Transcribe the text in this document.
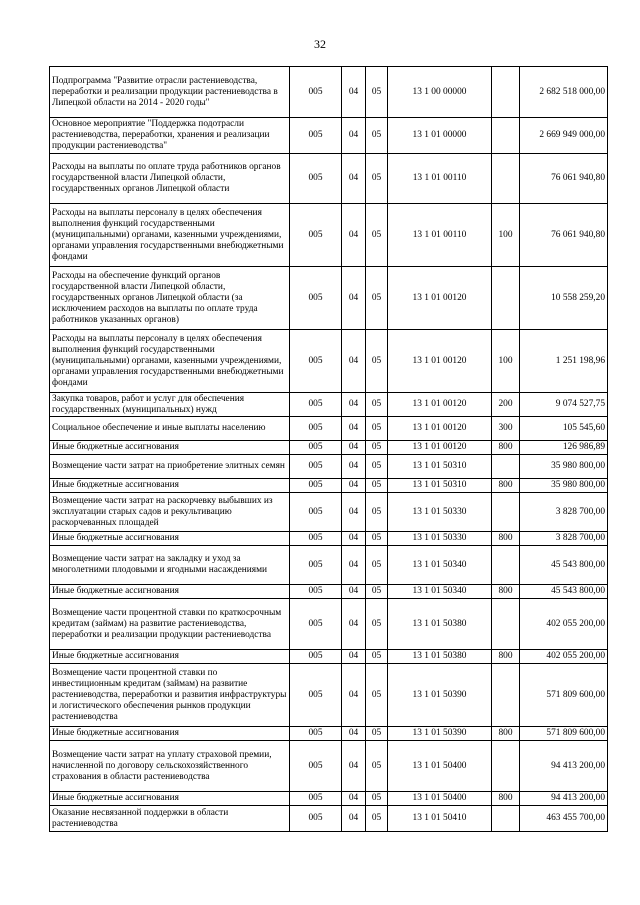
32
Подпрограмма "Развитие отрасли растениеводства, переработки и реализации продукции растениеводства в Липецкой области на 2014 - 2020 годы"	005	04	05	13 1 00 00000		2 682 518 000,00
Основное мероприятие "Поддержка подотрасли растениеводства, переработки, хранения и реализации продукции растениеводства"	005	04	05	13 1 01 00000		2 669 949 000,00
Расходы на выплаты по оплате труда работников органов государственной власти Липецкой области, государственных органов Липецкой области	005	04	05	13 1 01 00110		76 061 940,80
Расходы на выплаты персоналу в целях обеспечения выполнения функций государственными (муниципальными) органами, казенными учреждениями, органами управления государственными внебюджетными фондами	005	04	05	13 1 01 00110	100	76 061 940,80
Расходы на обеспечение функций органов государственной власти Липецкой области, государственных органов Липецкой области (за исключением расходов на выплаты по оплате труда работников указанных органов)	005	04	05	13 1 01 00120		10 558 259,20
Расходы на выплаты персоналу в целях обеспечения выполнения функций государственными (муниципальными) органами, казенными учреждениями, органами управления государственными внебюджетными фондами	005	04	05	13 1 01 00120	100	1 251 198,96
Закупка товаров, работ и услуг для обеспечения государственных (муниципальных) нужд	005	04	05	13 1 01 00120	200	9 074 527,75
Социальное обеспечение и иные выплаты населению	005	04	05	13 1 01 00120	300	105 545,60
Иные бюджетные ассигнования	005	04	05	13 1 01 00120	800	126 986,89
Возмещение части затрат на приобретение элитных семян	005	04	05	13 1 01 50310		35 980 800,00
Иные бюджетные ассигнования	005	04	05	13 1 01 50310	800	35 980 800,00
Возмещение части затрат на раскорчевку выбывших из эксплуатации старых садов и рекультивацию раскорчеванных площадей	005	04	05	13 1 01 50330		3 828 700,00
Иные бюджетные ассигнования	005	04	05	13 1 01 50330	800	3 828 700,00
Возмещение части затрат на закладку и уход за многолетними плодовыми и ягодными насаждениями	005	04	05	13 1 01 50340		45 543 800,00
Иные бюджетные ассигнования	005	04	05	13 1 01 50340	800	45 543 800,00
Возмещение части процентной ставки по краткосрочным кредитам (займам) на развитие растениеводства, переработки и реализации продукции растениеводства	005	04	05	13 1 01 50380		402 055 200,00
Иные бюджетные ассигнования	005	04	05	13 1 01 50380	800	402 055 200,00
Возмещение части процентной ставки по инвестиционным кредитам (займам) на развитие растениеводства, переработки и развития инфраструктуры и логистического обеспечения рынков продукции растениеводства	005	04	05	13 1 01 50390		571 809 600,00
Иные бюджетные ассигнования	005	04	05	13 1 01 50390	800	571 809 600,00
Возмещение части затрат на уплату страховой премии, начисленной по договору сельскохозяйственного страхования в области растениеводства	005	04	05	13 1 01 50400		94 413 200,00
Иные бюджетные ассигнования	005	04	05	13 1 01 50400	800	94 413 200,00
Оказание несвязанной поддержки в области растениеводства	005	04	05	13 1 01 50410		463 455 700,00
